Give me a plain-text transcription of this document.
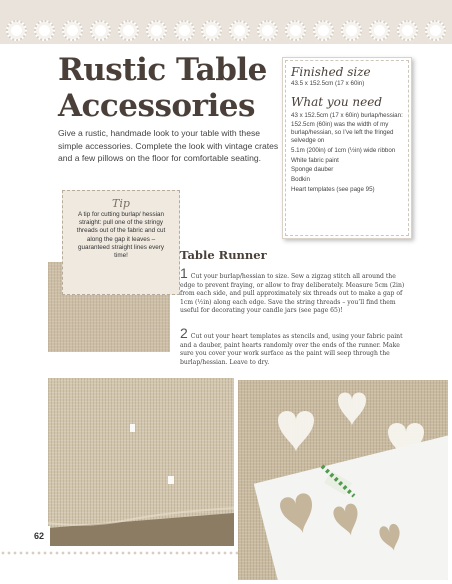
Rustic Table
Accessories

Give a rustic, handmade look to your table with these simple accessories. Complete the look with vintage crates and a few pillows on the floor for comfortable seating.

Finished size
43.5 x 152.5cm (17 x 60in)
What you need
43 x 152.5cm (17 x 60in) burlap/hessian: 152.5cm (60in) was the width of my burlap/hessian, so I’ve left the fringed selvedge on
5.1m (200in) of 1cm (½in) wide ribbon
White fabric paint
Sponge dauber
Bodkin
Heart templates (see page 95)
Tip
A tip for cutting burlap/ hessian straight: pull one of the stringy threads out of the fabric and cut along the gap it leaves – guaranteed straight lines every time!	Table Runner

1 Cut your burlap/hessian to size. Sew a zigzag stitch all around the edge to prevent fraying, or allow to fray deliberately. Measure 5cm (2in) from each side, and pull approximately six threads out to make a gap of 1cm (½in) along each edge. Save the string threads – you’ll find them useful for decorating your candle jars (see page 65)!

2 Cut out your heart templates as stencils and, using your fabric paint and a dauber, paint hearts randomly over the ends of the runner. Make sure you cover your work surface as the paint will seep through the burlap/hessian. Leave to dry.

62
